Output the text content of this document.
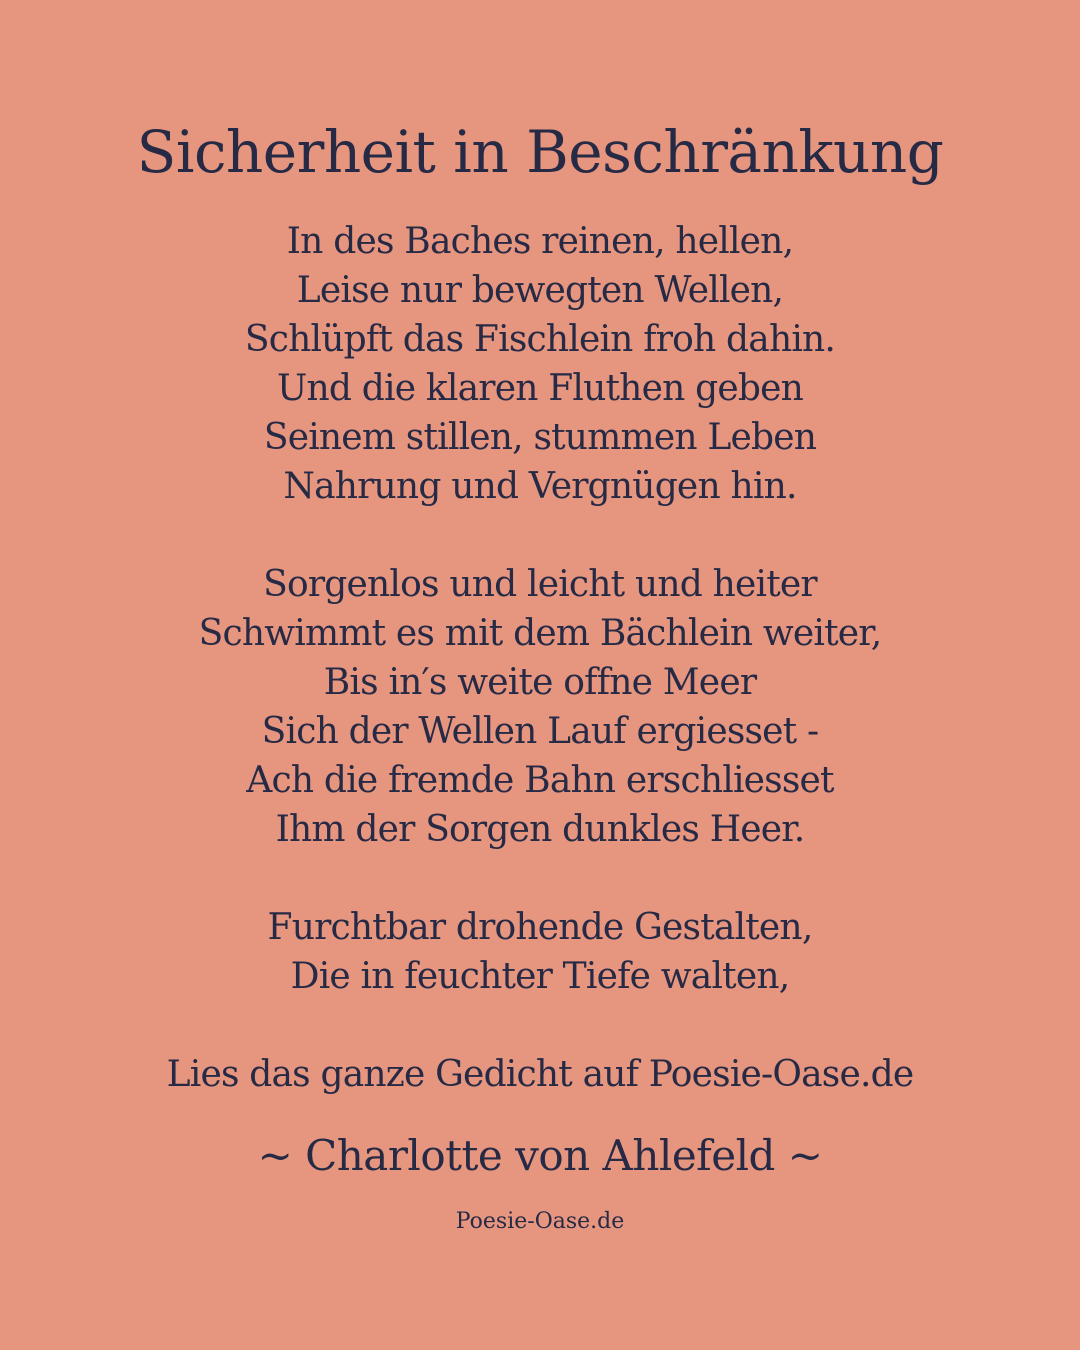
Sicherheit in Beschränkung
In des Baches reinen, hellen,
Leise nur bewegten Wellen,
Schlüpft das Fischlein froh dahin.
Und die klaren Fluthen geben
Seinem stillen, stummen Leben
Nahrung und Vergnügen hin.
Sorgenlos und leicht und heiter
Schwimmt es mit dem Bächlein weiter,
Bis in′s weite offne Meer
Sich der Wellen Lauf ergiesset -
Ach die fremde Bahn erschliesset
Ihm der Sorgen dunkles Heer.
Furchtbar drohende Gestalten,
Die in feuchter Tiefe walten,
Lies das ganze Gedicht auf Poesie-Oase.de
~ Charlotte von Ahlefeld ~
Poesie-Oase.de
